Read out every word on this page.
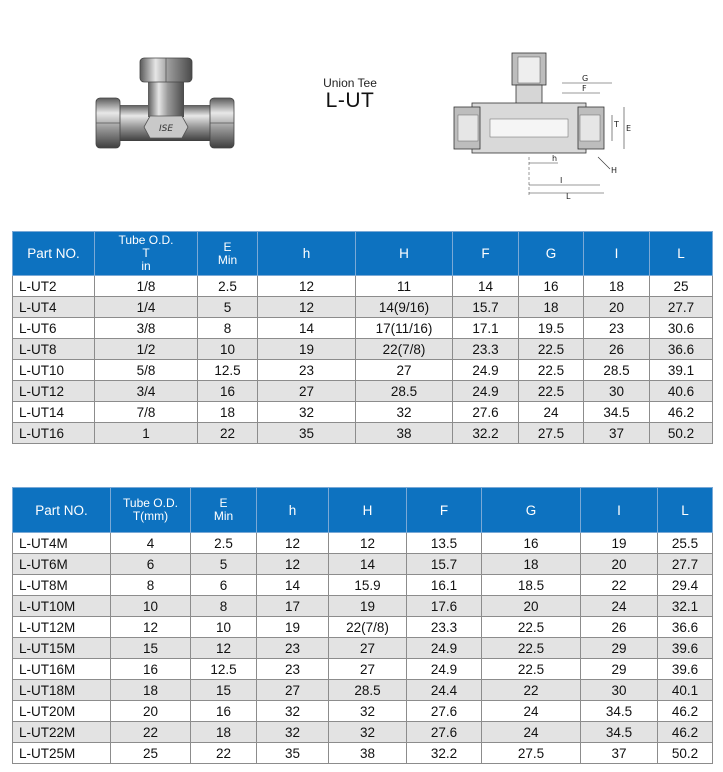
ISE
Union Tee
L-UT
G
F
T E
H
h
I
L
Part NO.	Tube O.D.
T
in	E
Min	h	H	F	G	I	L
L-UT2	1/8	2.5	12	11	14	16	18	25
L-UT4	1/4	5	12	14(9/16)	15.7	18	20	27.7
L-UT6	3/8	8	14	17(11/16)	17.1	19.5	23	30.6
L-UT8	1/2	10	19	22(7/8)	23.3	22.5	26	36.6
L-UT10	5/8	12.5	23	27	24.9	22.5	28.5	39.1
L-UT12	3/4	16	27	28.5	24.9	22.5	30	40.6
L-UT14	7/8	18	32	32	27.6	24	34.5	46.2
L-UT16	1	22	35	38	32.2	27.5	37	50.2
Part NO.	Tube O.D.
T(mm)	E
Min	h	H	F	G	I	L
L-UT4M	4	2.5	12	12	13.5	16	19	25.5
L-UT6M	6	5	12	14	15.7	18	20	27.7
L-UT8M	8	6	14	15.9	16.1	18.5	22	29.4
L-UT10M	10	8	17	19	17.6	20	24	32.1
L-UT12M	12	10	19	22(7/8)	23.3	22.5	26	36.6
L-UT15M	15	12	23	27	24.9	22.5	29	39.6
L-UT16M	16	12.5	23	27	24.9	22.5	29	39.6
L-UT18M	18	15	27	28.5	24.4	22	30	40.1
L-UT20M	20	16	32	32	27.6	24	34.5	46.2
L-UT22M	22	18	32	32	27.6	24	34.5	46.2
L-UT25M	25	22	35	38	32.2	27.5	37	50.2
